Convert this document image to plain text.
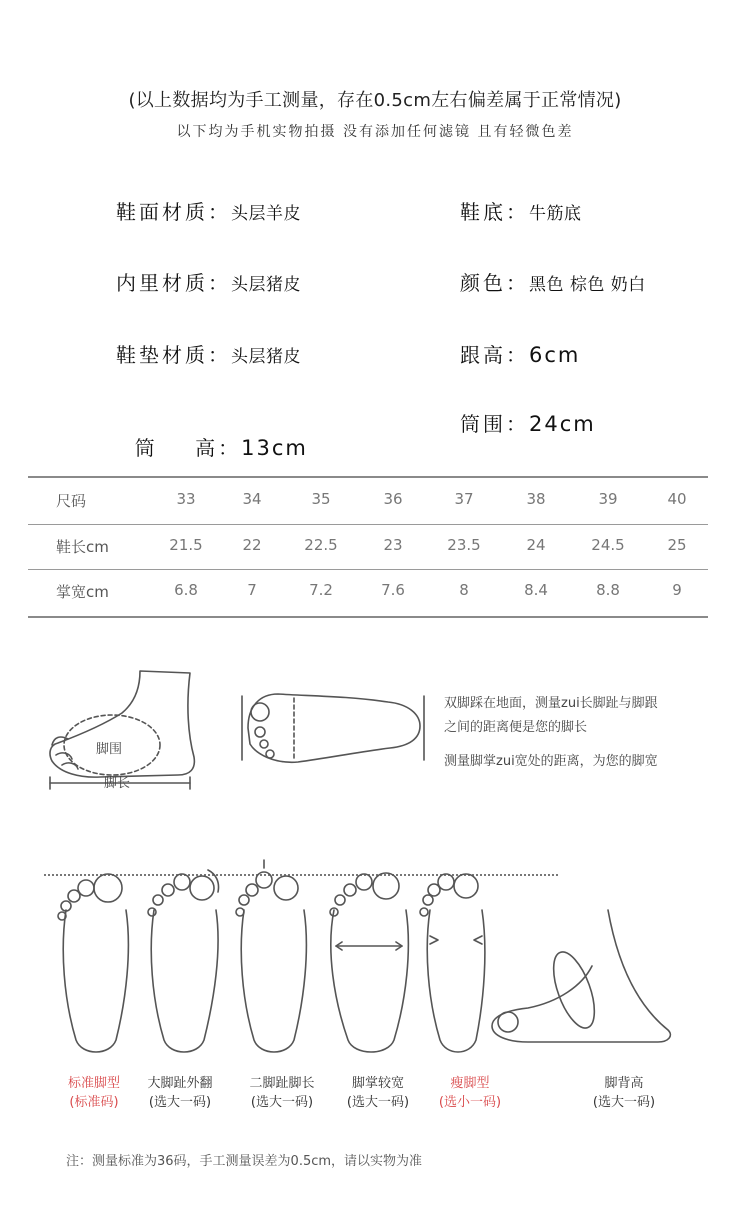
(以上数据均为手工测量，存在0.5cm左右偏差属于正常情况)
以下均为手机实物拍摄 没有添加任何滤镜 且有轻微色差
鞋面材质：头层羊皮	鞋底：牛筋底
内里材质：头层猪皮	颜色：黑色 棕色 奶白
鞋垫材质：头层猪皮	跟高：6cm

筒    高：13cm

筒围：24cm
尺码	33	34	35	36	37	38	39	40
鞋长cm	21.5	22	22.5	23	23.5	24	24.5	25
掌宽cm	6.8	7	7.2	7.6	8	8.4	8.8	9
脚围
脚长
双脚踩在地面，测量zui长脚趾与脚跟
之间的距离便是您的脚长
测量脚掌zui宽处的距离，为您的脚宽
标准脚型
(标准码)
大脚趾外翻
(选大一码)
二脚趾脚长
(选大一码)
脚掌较宽
(选大一码)
瘦脚型
(选小一码)
脚背高
(选大一码)
注：测量标准为36码，手工测量误差为0.5cm，请以实物为准
